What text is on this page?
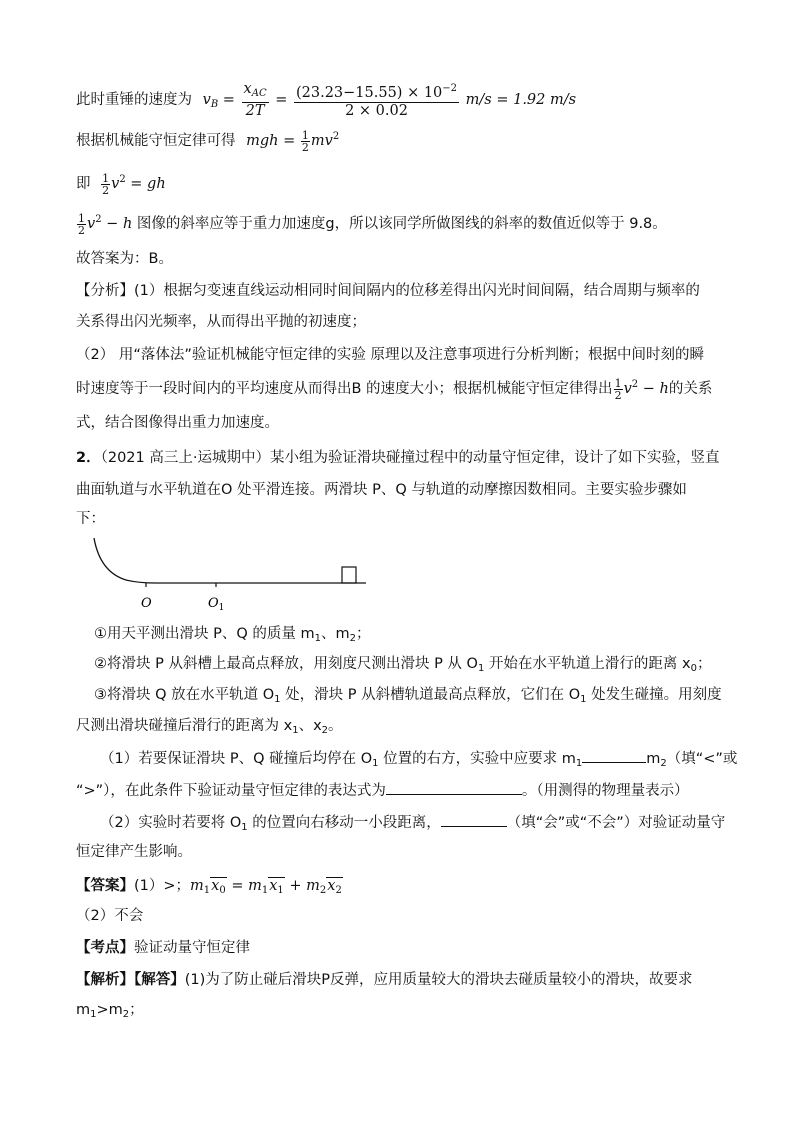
此时重锤的速度为 $v_B = \frac{x_{AC}}{2T} = \frac{(23.23-15.55) \times 10^{-2}}{2 \times 0.02} m/s = 1.92$ m/s
根据机械能守恒定律可得 mgh = $\frac{1}{2} mv^2$
即 $\frac{1}{2} v^2$ = gh
$\frac{1}{2} v^2 - h$ 图像的斜率应等于重力加速度g，所以该同学所做图线的斜率的数值近似等于 9.8。
故答案为：B。
【分析】(1）根据匀变速直线运动相同时间间隔内的位移差得出闪光时间间隔，结合周期与频率的
关系得出闪光频率，从而得出平抛的初速度；
（2） 用“落体法”验证机械能守恒定律的实验 原理以及注意事项进行分析判断；根据中间时刻的瞬
时速度等于一段时间内的平均速度从而得出B 的速度大小；根据机械能守恒定律得出 $\frac{1}{2} v^2 - h$的关系
式，结合图像得出重力加速度。
2．（2021 高三上·运城期中）某小组为验证滑块碰撞过程中的动量守恒定律，设计了如下实验，竖直
曲面轨道与水平轨道在O 处平滑连接。两滑块 P、Q 与轨道的动摩擦因数相同。主要实验步骤如
下：
O	$O_1$
①用天平测出滑块 P、Q 的质量 $m_1$、$m_2$；
②将滑块 P 从斜槽上最高点释放，用刻度尺测出滑块 P 从 $O_1$ 开始在水平轨道上滑行的距离 $x_0$；
③将滑块 Q 放在水平轨道 $O_1$ 处，滑块 P 从斜槽轨道最高点释放，它们在 $O_1$ 处发生碰撞。用刻度
尺测出滑块碰撞后滑行的距离为 $x_1$、$x_2$。
（1）若要保证滑块 P、Q 碰撞后均停在 $O_1$ 位置的右方，实验中应要求 $m_1$	$m_2$（填“<”或
“>”），在此条件下验证动量守恒定律的表达式为	。（用测得的物理量表示）
（2）实验时若要将 $O_1$ 的位置向右移动一小段距离，	（填“会”或“不会”）对验证动量守
恒定律产生影响。
【答案】(1）>；$m_1x_0 = m_1x_1 + m_2x_2$
（2）不会
【考点】验证动量守恒定律
【解析】【解答】(1)为了防止碰后滑块P反弹，应用质量较大的滑块去碰质量较小的滑块，故要求
$m_1>m_2$；
